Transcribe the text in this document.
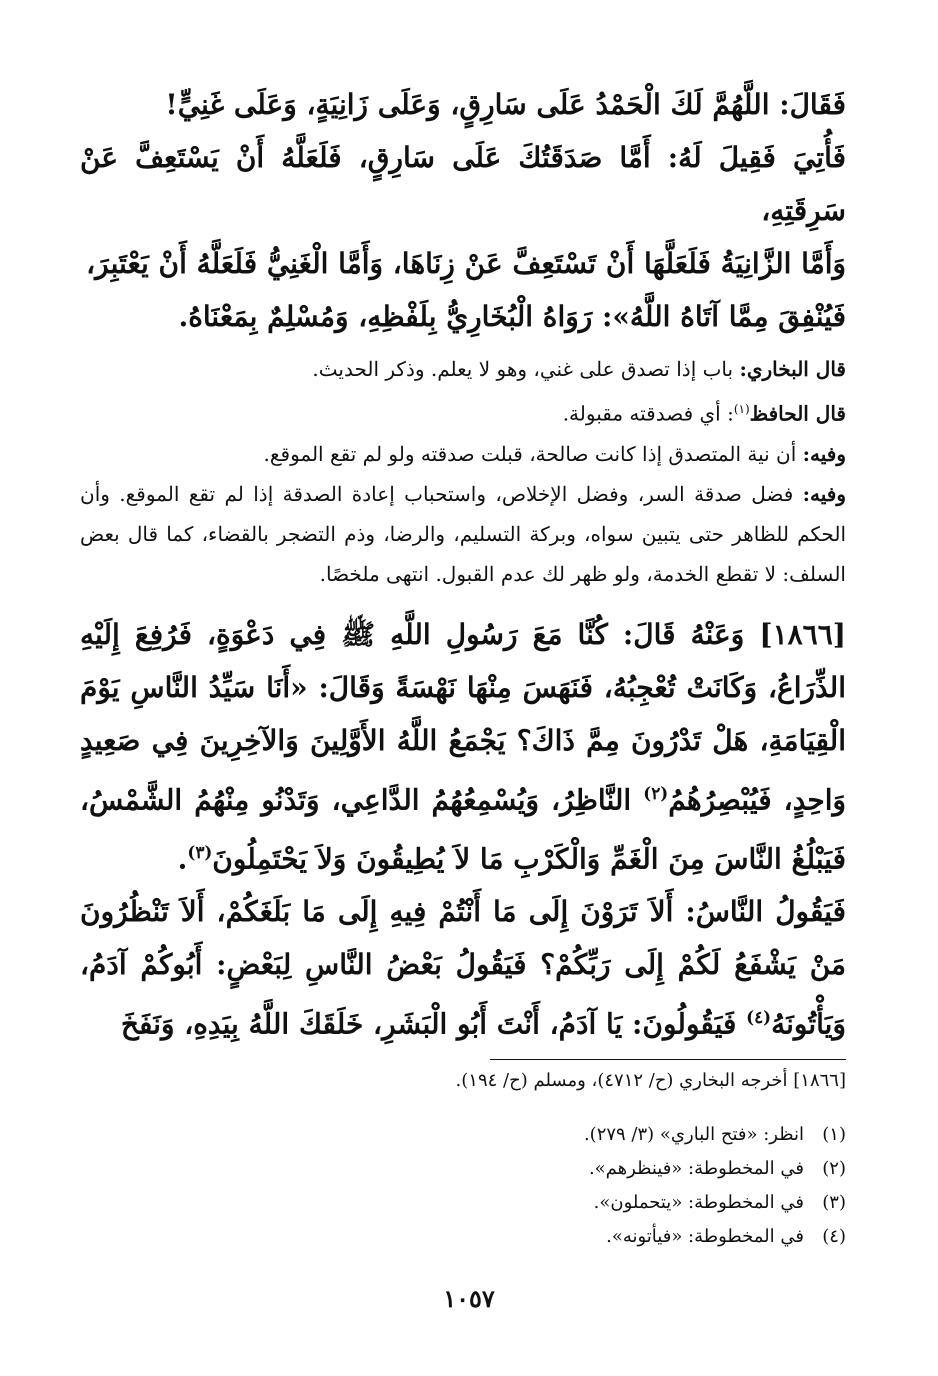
فَقَالَ: اللَّهُمَّ لَكَ الْحَمْدُ عَلَى سَارِقٍ، وَعَلَى زَانِيَةٍ، وَعَلَى غَنِيٍّ!
فَأُتِيَ فَقِيلَ لَهُ: أَمَّا صَدَقَتُكَ عَلَى سَارِقٍ، فَلَعَلَّهُ أَنْ يَسْتَعِفَّ عَنْ سَرِقَتِهِ،
وَأَمَّا الزَّانِيَةُ فَلَعَلَّهَا أَنْ تَسْتَعِفَّ عَنْ زِنَاهَا، وَأَمَّا الْغَنِيُّ فَلَعَلَّهُ أَنْ يَعْتَبِرَ،
فَيُنْفِقَ مِمَّا آتَاهُ اللَّهُ»: رَوَاهُ الْبُخَارِيُّ بِلَفْظِهِ، وَمُسْلِمٌ بِمَعْنَاهُ.

قال البخاري: باب إذا تصدق على غني، وهو لا يعلم. وذكر الحديث.

قال الحافظ$^{(١)}$: أي فصدقته مقبولة.

وفيه: أن نية المتصدق إذا كانت صالحة، قبلت صدقته ولو لم تقع الموقع.

وفيه: فضل صدقة السر، وفضل الإخلاص، واستحباب إعادة الصدقة إذا لم تقع الموقع. وأن الحكم للظاهر حتى يتبين سواه، وبركة التسليم، والرضا، وذم التضجر بالقضاء، كما قال بعض السلف: لا تقطع الخدمة، ولو ظهر لك عدم القبول. انتهى ملخصًا.

[١٨٦٦] وَعَنْهُ قَالَ: كُنَّا مَعَ رَسُولِ اللَّهِ ﷺ فِي دَعْوَةٍ، فَرُفِعَ إِلَيْهِ الذِّرَاعُ، وَكَانَتْ تُعْجِبُهُ، فَنَهَسَ مِنْهَا نَهْسَةً وَقَالَ: «أَنَا سَيِّدُ النَّاسِ يَوْمَ الْقِيَامَةِ، هَلْ تَدْرُونَ مِمَّ ذَاكَ؟ يَجْمَعُ اللَّهُ الأَوَّلِينَ وَالآخِرِينَ فِي صَعِيدٍ وَاحِدٍ، فَيُبْصِرُهُمُ$^{(٢)}$ النَّاظِرُ، وَيُسْمِعُهُمُ الدَّاعِي، وَتَدْنُو مِنْهُمُ الشَّمْسُ، فَيَبْلُغُ النَّاسَ مِنَ الْغَمِّ وَالْكَرْبِ مَا لاَ يُطِيقُونَ وَلاَ يَحْتَمِلُونَ$^{(٣)}$.

فَيَقُولُ النَّاسُ: أَلاَ تَرَوْنَ إِلَى مَا أَنْتُمْ فِيهِ إِلَى مَا بَلَغَكُمْ، أَلاَ تَنْظُرُونَ مَنْ يَشْفَعُ لَكُمْ إِلَى رَبِّكُمْ؟ فَيَقُولُ بَعْضُ النَّاسِ لِبَعْضٍ: أَبُوكُمْ آدَمُ، وَيَأْتُونَهُ$^{(٤)}$ فَيَقُولُونَ: يَا آدَمُ، أَنْتَ أَبُو الْبَشَرِ، خَلَقَكَ اللَّهُ بِيَدِهِ، وَنَفَخَ

[١٨٦٦] أخرجه البخاري (ح/ ٤٧١٢)، ومسلم (ح/ ١٩٤).

(١)
انظر: «فتح الباري» (٣/ ٢٧٩).

(٢)
في المخطوطة: «فينظرهم».

(٣)
في المخطوطة: «يتحملون».

(٤)
في المخطوطة: «فيأتونه».

١٠٥٧
